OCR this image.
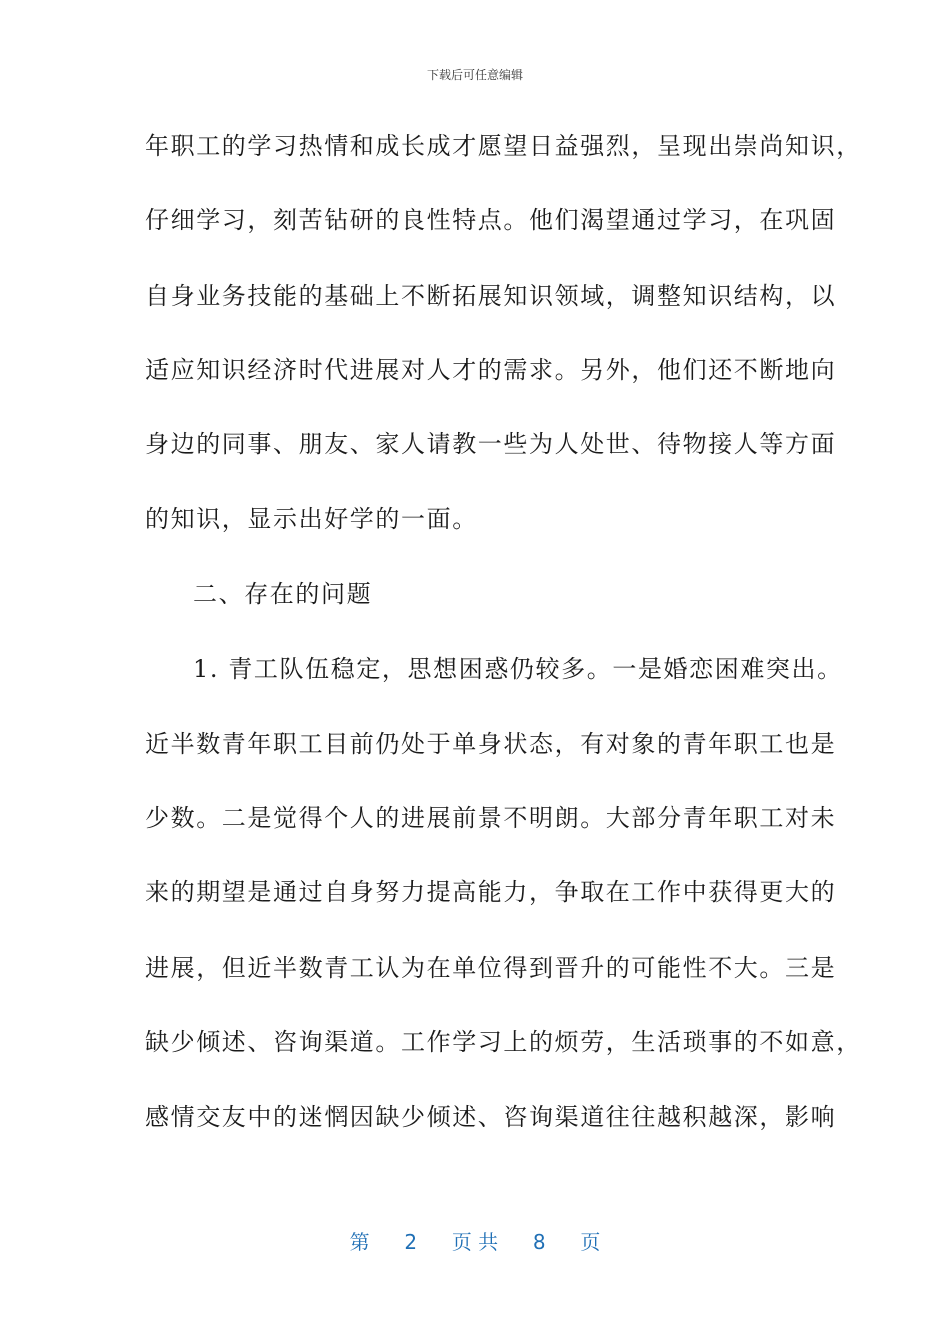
下载后可任意编辑
年职工的学习热情和成长成才愿望日益强烈，呈现出崇尚知识，
仔细学习，刻苦钻研的良性特点。他们渴望通过学习，在巩固
自身业务技能的基础上不断拓展知识领域，调整知识结构，以
适应知识经济时代进展对人才的需求。另外，他们还不断地向
身边的同事、朋友、家人请教一些为人处世、待物接人等方面
的知识，显示出好学的一面。
二、存在的问题
1. 青工队伍稳定，思想困惑仍较多。一是婚恋困难突出。
近半数青年职工目前仍处于单身状态，有对象的青年职工也是
少数。二是觉得个人的进展前景不明朗。大部分青年职工对未
来的期望是通过自身努力提高能力，争取在工作中获得更大的
进展，但近半数青工认为在单位得到晋升的可能性不大。三是
缺少倾述、咨询渠道。工作学习上的烦劳，生活琐事的不如意，
感情交友中的迷惘因缺少倾述、咨询渠道往往越积越深，影响
第 2 页 共 8 页
